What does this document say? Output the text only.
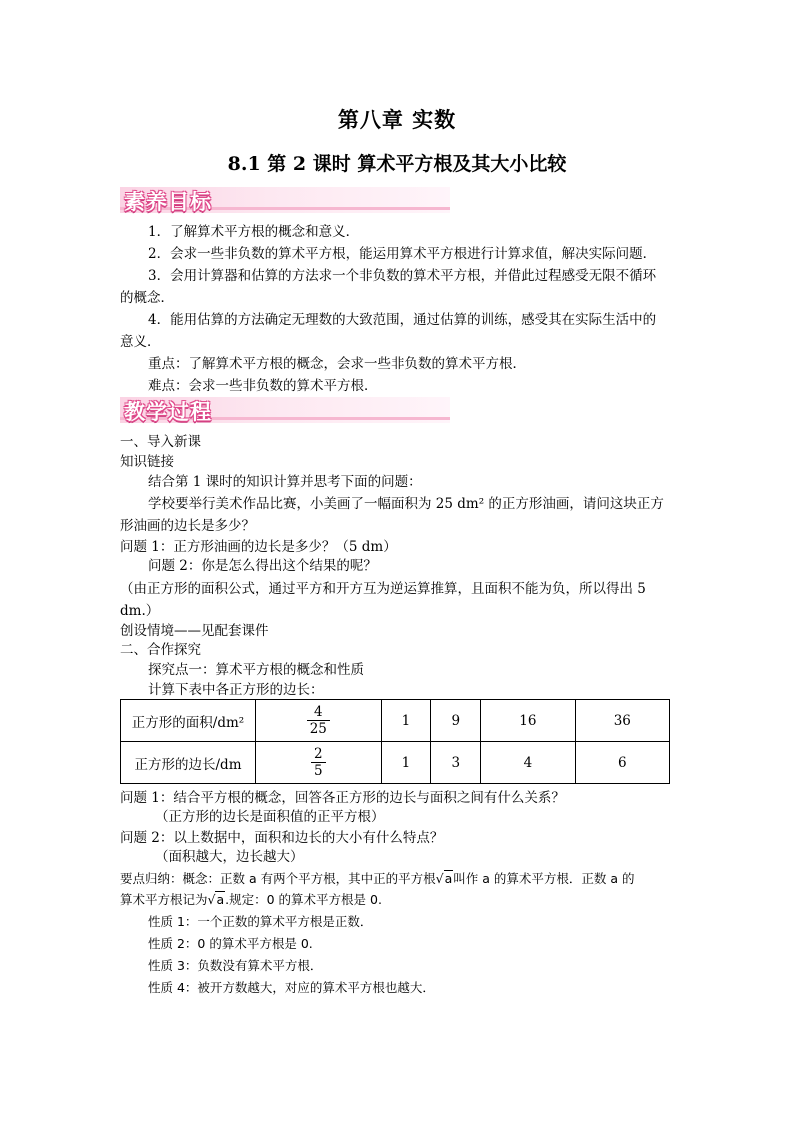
第八章 实数
8.1 第 2 课时 算术平方根及其大小比较
素养目标
1．了解算术平方根的概念和意义．
2．会求一些非负数的算术平方根，能运用算术平方根进行计算求值，解决实际问题．
3．会用计算器和估算的方法求一个非负数的算术平方根，并借此过程感受无限不循环
的概念．
4．能用估算的方法确定无理数的大致范围，通过估算的训练，感受其在实际生活中的
意义．
重点：了解算术平方根的概念，会求一些非负数的算术平方根．
难点：会求一些非负数的算术平方根．
教学过程
一、导入新课
知识链接
结合第 1 课时的知识计算并思考下面的问题：
学校要举行美术作品比赛，小美画了一幅面积为 25 dm² 的正方形油画，请问这块正方
形油画的边长是多少？
问题 1：正方形油画的边长是多少？（5 dm）
问题 2：你是怎么得出这个结果的呢？
（由正方形的面积公式，通过平方和开方互为逆运算推算，且面积不能为负，所以得出 5
dm.）
创设情境——见配套课件
二、合作探究
探究点一：算术平方根的概念和性质
计算下表中各正方形的边长：
正方形的面积/dm²	$\frac{4}{25}$	1	9	16	36
正方形的边长/dm	$\frac{2}{5}$	1	3	4	6
问题 1：结合平方根的概念，回答各正方形的边长与面积之间有什么关系？
（正方形的边长是面积值的正平方根）
问题 2：以上数据中，面积和边长的大小有什么特点？
（面积越大，边长越大）
要点归纳：概念：正数 a 有两个平方根，其中正的平方根√a叫作 a 的算术平方根．正数 a 的
算术平方根记为√a.规定：0 的算术平方根是 0.
性质 1：一个正数的算术平方根是正数．
性质 2：0 的算术平方根是 0.
性质 3：负数没有算术平方根．
性质 4：被开方数越大，对应的算术平方根也越大．
